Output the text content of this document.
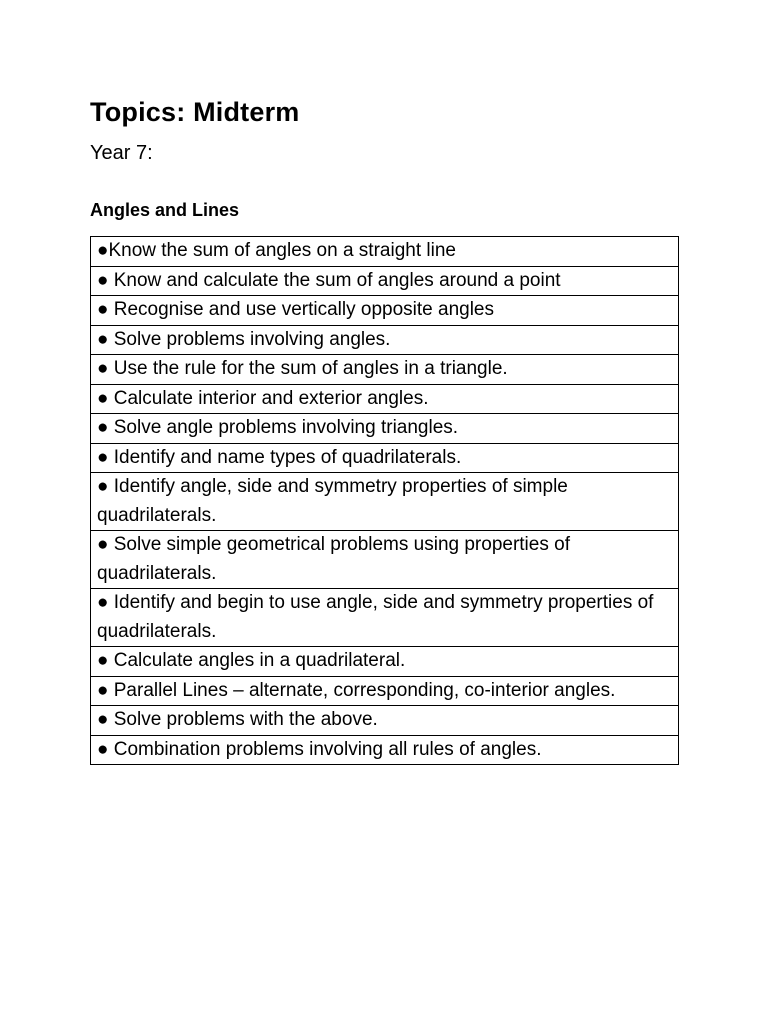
Topics: Midterm

Year 7:

Angles and Lines
●Know the sum of angles on a straight line
● Know and calculate the sum of angles around a point
● Recognise and use vertically opposite angles
● Solve problems involving angles.
● Use the rule for the sum of angles in a triangle.
● Calculate interior and exterior angles.
● Solve angle problems involving triangles.
● Identify and name types of quadrilaterals.
● Identify angle, side and symmetry properties of simple quadrilaterals.
● Solve simple geometrical problems using properties of quadrilaterals.
● Identify and begin to use angle, side and symmetry properties of quadrilaterals.
● Calculate angles in a quadrilateral.
● Parallel Lines – alternate, corresponding, co-interior angles.
● Solve problems with the above.
● Combination problems involving all rules of angles.
